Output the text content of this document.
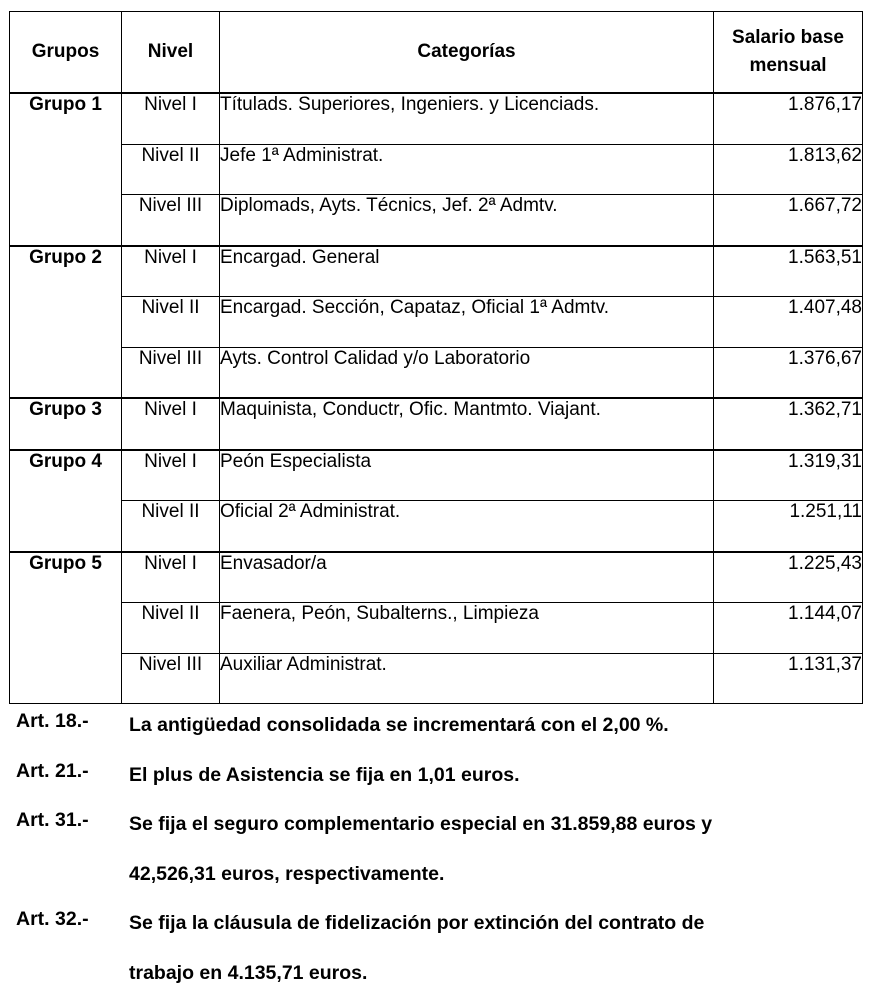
Grupos	Nivel	Categorías	Salario base
mensual
Grupo 1	Nivel I	Títulads. Superiores, Ingeniers. y Licenciads.	1.876,17
	Nivel II	Jefe 1ª Administrat.	1.813,62
	Nivel III	Diplomads, Ayts. Técnics, Jef. 2ª Admtv.	1.667,72
Grupo 2	Nivel I	Encargad. General	1.563,51
	Nivel II	Encargad. Sección, Capataz, Oficial 1ª Admtv.	1.407,48
	Nivel III	Ayts. Control Calidad y/o Laboratorio	1.376,67
Grupo 3	Nivel I	Maquinista, Conductr, Ofic. Mantmto. Viajant.	1.362,71
Grupo 4	Nivel I	Peón Especialista	1.319,31
	Nivel II	Oficial 2ª Administrat.	1.251,11
Grupo 5	Nivel I	Envasador/a	1.225,43
	Nivel II	Faenera, Peón, Subalterns., Limpieza	1.144,07
	Nivel III	Auxiliar Administrat.	1.131,37
Art. 18.-	La antigüedad consolidada se incrementará con el 2,00 %.
Art. 21.-	El plus de Asistencia se fija en 1,01 euros.
Art. 31.-	Se fija el seguro complementario especial en 31.859,88 euros y
42,526,31 euros, respectivamente.
Art. 32.-	Se fija la cláusula de fidelización por extinción del contrato de
trabajo en 4.135,71 euros.
